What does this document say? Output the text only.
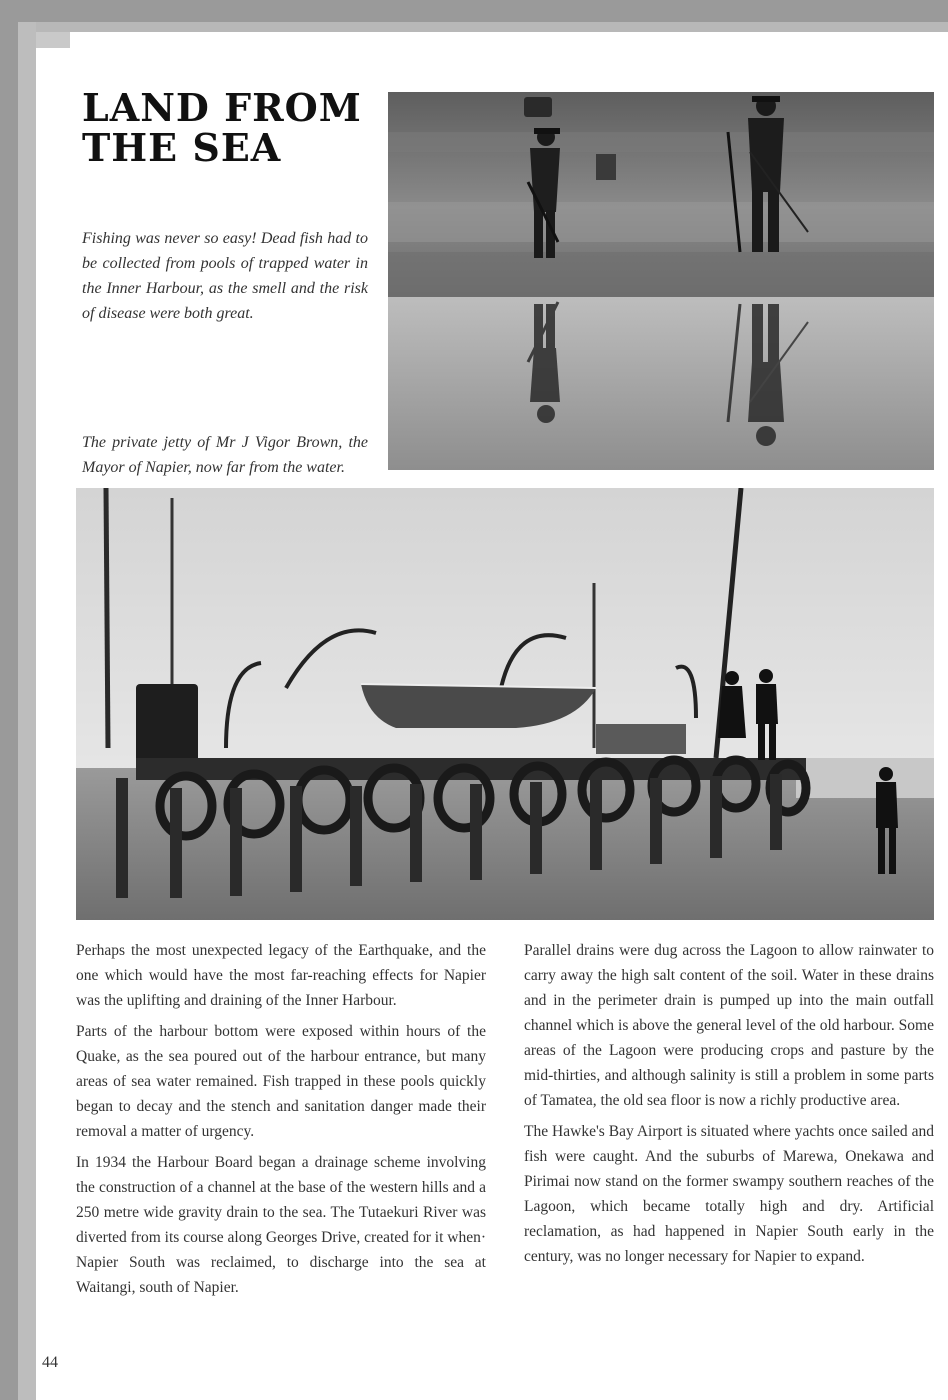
LAND FROM
THE SEA

Fishing was never so easy! Dead fish had to be collected from pools of trapped water in the Inner Harbour, as the smell and the risk of disease were both great.

The private jetty of Mr J Vigor Brown, the Mayor of Napier, now far from the water.

Perhaps the most unexpected legacy of the Earthquake, and the one which would have the most far-reaching effects for Napier was the uplifting and draining of the Inner Harbour.

Parts of the harbour bottom were exposed within hours of the Quake, as the sea poured out of the harbour entrance, but many areas of sea water remained. Fish trapped in these pools quickly began to decay and the stench and sanitation danger made their removal a matter of urgency.

In 1934 the Harbour Board began a drainage scheme involving the construction of a channel at the base of the western hills and a 250 metre wide gravity drain to the sea. The Tutaekuri River was diverted from its course along Georges Drive, created for it when· Napier South was reclaimed, to discharge into the sea at Waitangi, south of Napier.

Parallel drains were dug across the Lagoon to allow rainwater to carry away the high salt content of the soil. Water in these drains and in the perimeter drain is pumped up into the main outfall channel which is above the general level of the old harbour. Some areas of the Lagoon were producing crops and pasture by the mid-thirties, and although salinity is still a problem in some parts of Tamatea, the old sea floor is now a richly productive area.

The Hawke's Bay Airport is situated where yachts once sailed and fish were caught. And the suburbs of Marewa, Onekawa and Pirimai now stand on the former swampy southern reaches of the Lagoon, which became totally high and dry. Artificial reclamation, as had happened in Napier South early in the century, was no longer necessary for Napier to expand.

44
